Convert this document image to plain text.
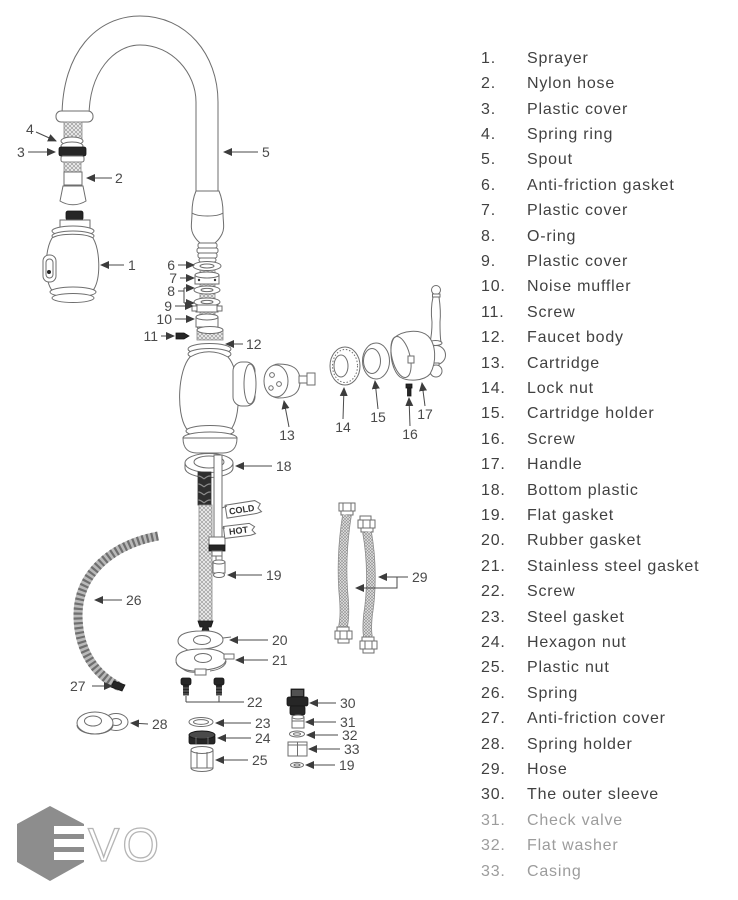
COLD
HOT
1
2
3
4
5
6
7
8
9
10
11	12
13	14
15
16
17
18
19
20
21
22
23
24
25
26
27
28
29
30
31
32
33
19
VO
1.	Sprayer
2.	Nylon hose
3.	Plastic cover
4.	Spring ring
5.	Spout
6.	Anti-friction gasket
7.	Plastic cover
8.	O-ring
9.	Plastic cover
10.	Noise muffler
11.	Screw
12.	Faucet body
13.	Cartridge
14.	Lock nut
15.	Cartridge holder
16.	Screw
17.	Handle
18.	Bottom plastic
19.	Flat gasket
20.	Rubber gasket
21.	Stainless steel gasket
22.	Screw
23.	Steel gasket
24.	Hexagon nut
25.	Plastic nut
26.	Spring
27.	Anti-friction cover
28.	Spring holder
29.	Hose
30.	The outer sleeve
31.	Check valve
32.	Flat washer
33.	Casing
